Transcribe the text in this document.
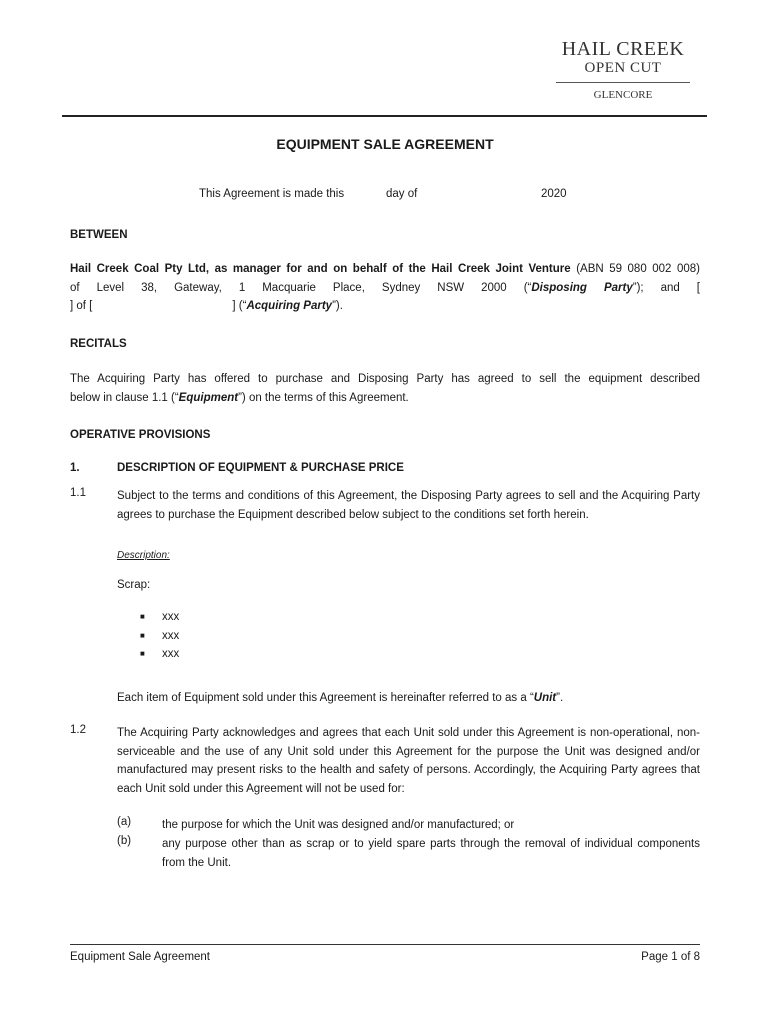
HAIL CREEK
OPEN CUT
GLENCORE
EQUIPMENT SALE AGREEMENT
This Agreement is made this	day of	2020
BETWEEN
Hail Creek Coal Pty Ltd, as manager for and on behalf of the Hail Creek Joint Venture (ABN 59 080 002 008)
of Level 38, Gateway, 1 Macquarie Place, Sydney NSW 2000 (“Disposing Party”); and [
] of [	] (“Acquiring Party”).
RECITALS
The Acquiring Party has offered to purchase and Disposing Party has agreed to sell the equipment described
below in clause 1.1 (“Equipment”) on the terms of this Agreement.
OPERATIVE PROVISIONS
1.	DESCRIPTION OF EQUIPMENT & PURCHASE PRICE
1.1	Subject to the terms and conditions of this Agreement, the Disposing Party agrees to sell and the Acquiring Party agrees to purchase the Equipment described below subject to the conditions set forth herein.
Description:
Scrap:
■ xxx
■ xxx
■ xxx
Each item of Equipment sold under this Agreement is hereinafter referred to as a “Unit”.
1.2	The Acquiring Party acknowledges and agrees that each Unit sold under this Agreement is non-operational, non-serviceable and the use of any Unit sold under this Agreement for the purpose the Unit was designed and/or manufactured may present risks to the health and safety of persons. Accordingly, the Acquiring Party agrees that each Unit sold under this Agreement will not be used for:
(a)	the purpose for which the Unit was designed and/or manufactured; or
(b)	any purpose other than as scrap or to yield spare parts through the removal of individual components from the Unit.
Equipment Sale Agreement	Page 1 of 8
